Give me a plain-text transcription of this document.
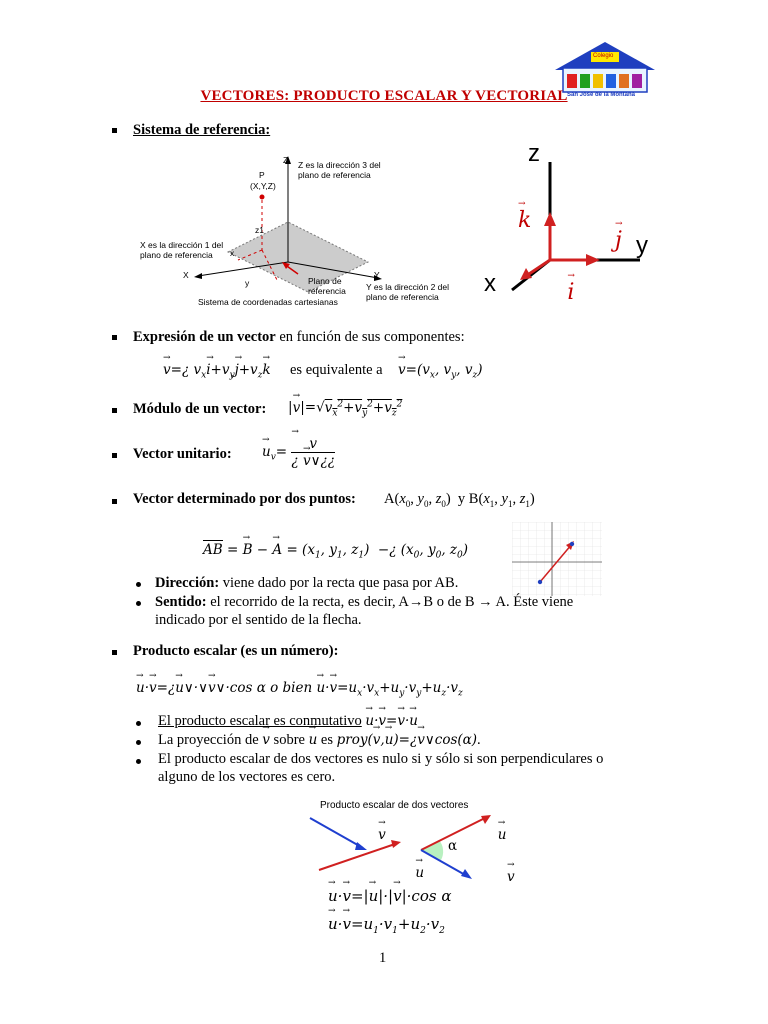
Colegio
San José de la Montaña
VECTORES: PRODUCTO ESCALAR Y VECTORIAL
Sistema de referencia:
Z Z es la dirección 3 del plano de referencia
P
(X,Y,Z)
z1
X es la dirección 1 del plano de referencia	x
X
y	Plano de referencia
Y
Y es la dirección 2 del plano de referencia
Sistema de coordenadas cartesianas
z
y
x
→ k → j → i
Expresión de un vector en función de sus componentes:
→ v=¿ $v_x\to i+v_y\to j+v_z\to k$ es equivalente $a \to v=(v_x$, $v_y$, $v_z$)
Módulo de un vector: |→ $v|=√v_x^2+v_y^2+v_z^2$
Vector unitario: → $u_v= \to \frac{v}{¿ \to v\vee¿¿}$
Vector determinado por dos puntos: $A(x_0$, $y_0$, $z_0$)  y $B(x_1$, $y_1$, $z_1$)
AB = → B − → $A = (x_1$, $y_1$, $z_1$)  −¿ ($x_0$, $y_0$, $z_0$)
Dirección: viene dado por la recta que pasa por AB.
Sentido: el recorrido de la recta, es decir, A→B o de B → A. Éste viene
indicado por el sentido de la flecha.
Producto escalar (es un número):
→ u·→ v=¿→ u∨·∨→ v∨·cos α o bien → $u\cdot\to v=u_x\cdot v_x+u_y\cdot v_y+u_z\cdot v_z$
El producto escalar es conmutativo → u·→ v=→ v·→ u
La proyección de → v sobre → u es proy(→ v,→ u)=¿→ v∨cos(α).
El producto escalar de dos vectores es nulo si y sólo si son perpendiculares o
alguno de los vectores es cero.
Producto escalar de dos vectores
→ v → u → u → v
α
→ u·→ v=|→ u|·|→ v|·cos α
→ $u\cdot\to v=u_1\cdot v_1+u_2\cdot v_2$
1
